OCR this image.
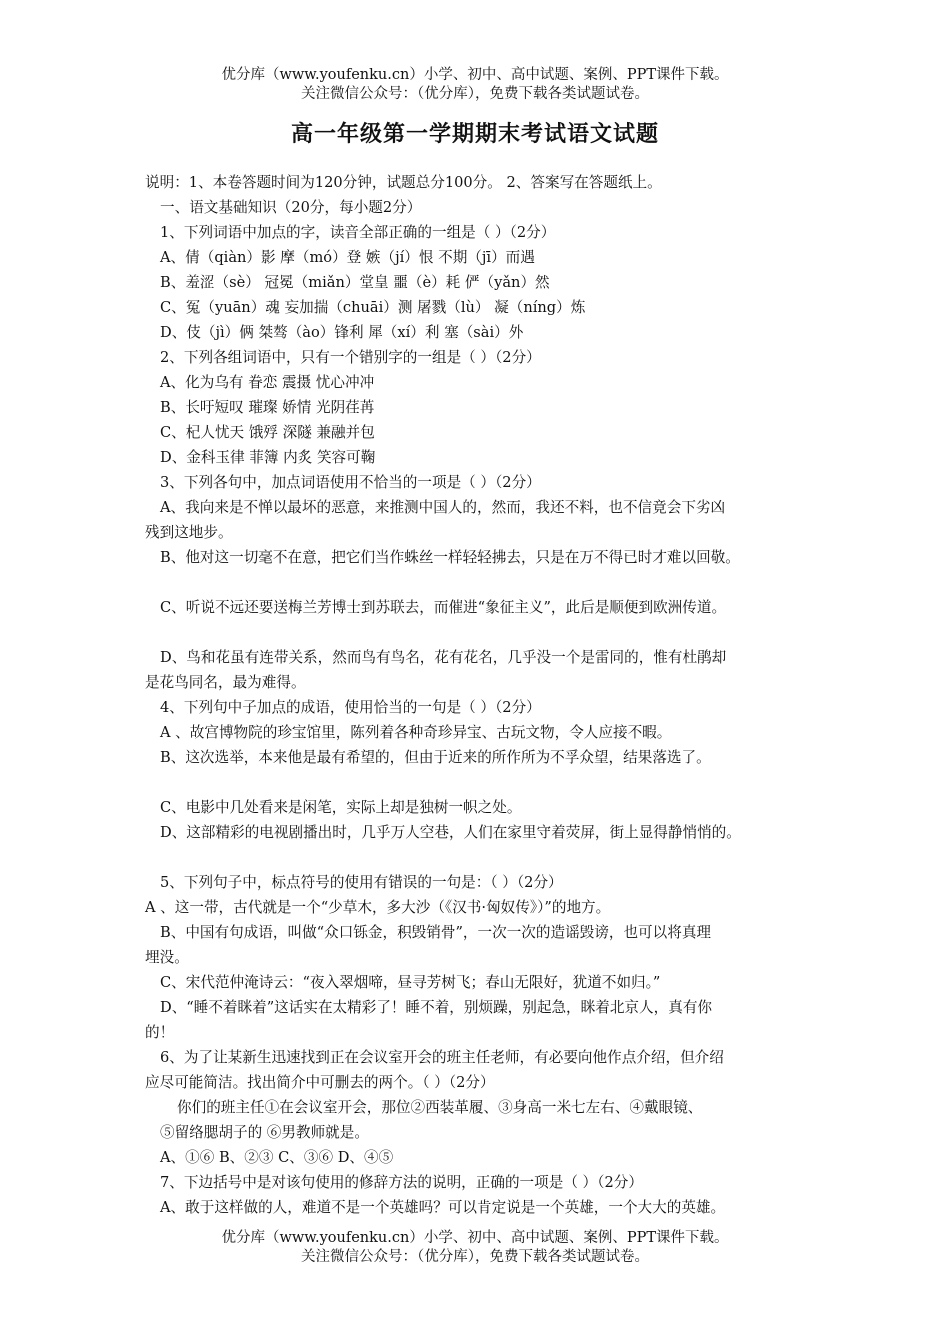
优分库（www.youfenku.cn）小学、初中、高中试题、案例、PPT课件下载。
关注微信公众号：（优分库），免费下载各类试题试卷。
高一年级第一学期期末考试语文试题
说明：1、本卷答题时间为120分钟，试题总分100分。 2、答案写在答题纸上。
一、语文基础知识（20分，每小题2分）
1、下列词语中加点的字，读音全部正确的一组是（ ）（2分）
A、倩（qiàn）影 摩（mó）登 嫉（jí）恨 不期（jī）而遇
B、羞涩（sè） 冠冕（miǎn）堂皇 噩（è）耗 俨（yǎn）然
C、冤（yuān）魂 妄加揣（chuāi）测 屠戮（lù） 凝（níng）炼
D、伎（jì）俩 桀骜（ào）锋利 犀（xí）利 塞（sài）外
2、下列各组词语中，只有一个错别字的一组是（ ）（2分）
A、化为乌有 眷恋 震摄 忧心冲冲
B、长吁短叹 璀璨 娇情 光阴荏苒
C、杞人忧天 饿殍 深隧 兼融并包
D、金科玉律 菲簿 内炙 笑容可鞠
3、下列各句中，加点词语使用不恰当的一项是（ ）（2分）
A、我向来是不惮以最坏的恶意，来推测中国人的，然而，我还不料，也不信竟会下劣凶
残到这地步。
B、他对这一切毫不在意，把它们当作蛛丝一样轻轻拂去，只是在万不得已时才难以回敬。
C、听说不远还要送梅兰芳博士到苏联去，而催进“象征主义”，此后是顺便到欧洲传道。
D、鸟和花虽有连带关系，然而鸟有鸟名，花有花名，几乎没一个是雷同的，惟有杜鹃却
是花鸟同名，最为难得。
4、下列句中子加点的成语，使用恰当的一句是（ ）（2分）
A 、故宫博物院的珍宝馆里，陈列着各种奇珍异宝、古玩文物，令人应接不暇。
B、这次选举，本来他是最有希望的，但由于近来的所作所为不孚众望，结果落选了。
C、电影中几处看来是闲笔，实际上却是独树一帜之处。
D、这部精彩的电视剧播出时，几乎万人空巷，人们在家里守着荧屏，街上显得静悄悄的。
5、下列句子中，标点符号的使用有错误的一句是：（ ）（2分）
A 、这一带，古代就是一个“少草木，多大沙（《汉书·匈奴传》）”的地方。
B、中国有句成语，叫做“众口铄金，积毁销骨”，一次一次的造谣毁谤，也可以将真理
埋没。
C、宋代范仲淹诗云：“夜入翠烟啼，昼寻芳树飞；春山无限好，犹道不如归。”
D、“睡不着眯着”这话实在太精彩了！睡不着，别烦躁，别起急，眯着北京人，真有你
的！
6、为了让某新生迅速找到正在会议室开会的班主任老师，有必要向他作点介绍，但介绍
应尽可能简洁。找出简介中可删去的两个。（ ）（2分）
你们的班主任①在会议室开会，那位②西装革履、③身高一米七左右、④戴眼镜、
⑤留络腮胡子的 ⑥男教师就是。
A、①⑥ B、②③ C、③⑥ D、④⑤
7、下边括号中是对该句使用的修辞方法的说明，正确的一项是（ ）（2分）
A、敢于这样做的人，难道不是一个英雄吗？可以肯定说是一个英雄，一个大大的英雄。
优分库（www.youfenku.cn）小学、初中、高中试题、案例、PPT课件下载。
关注微信公众号：（优分库），免费下载各类试题试卷。
